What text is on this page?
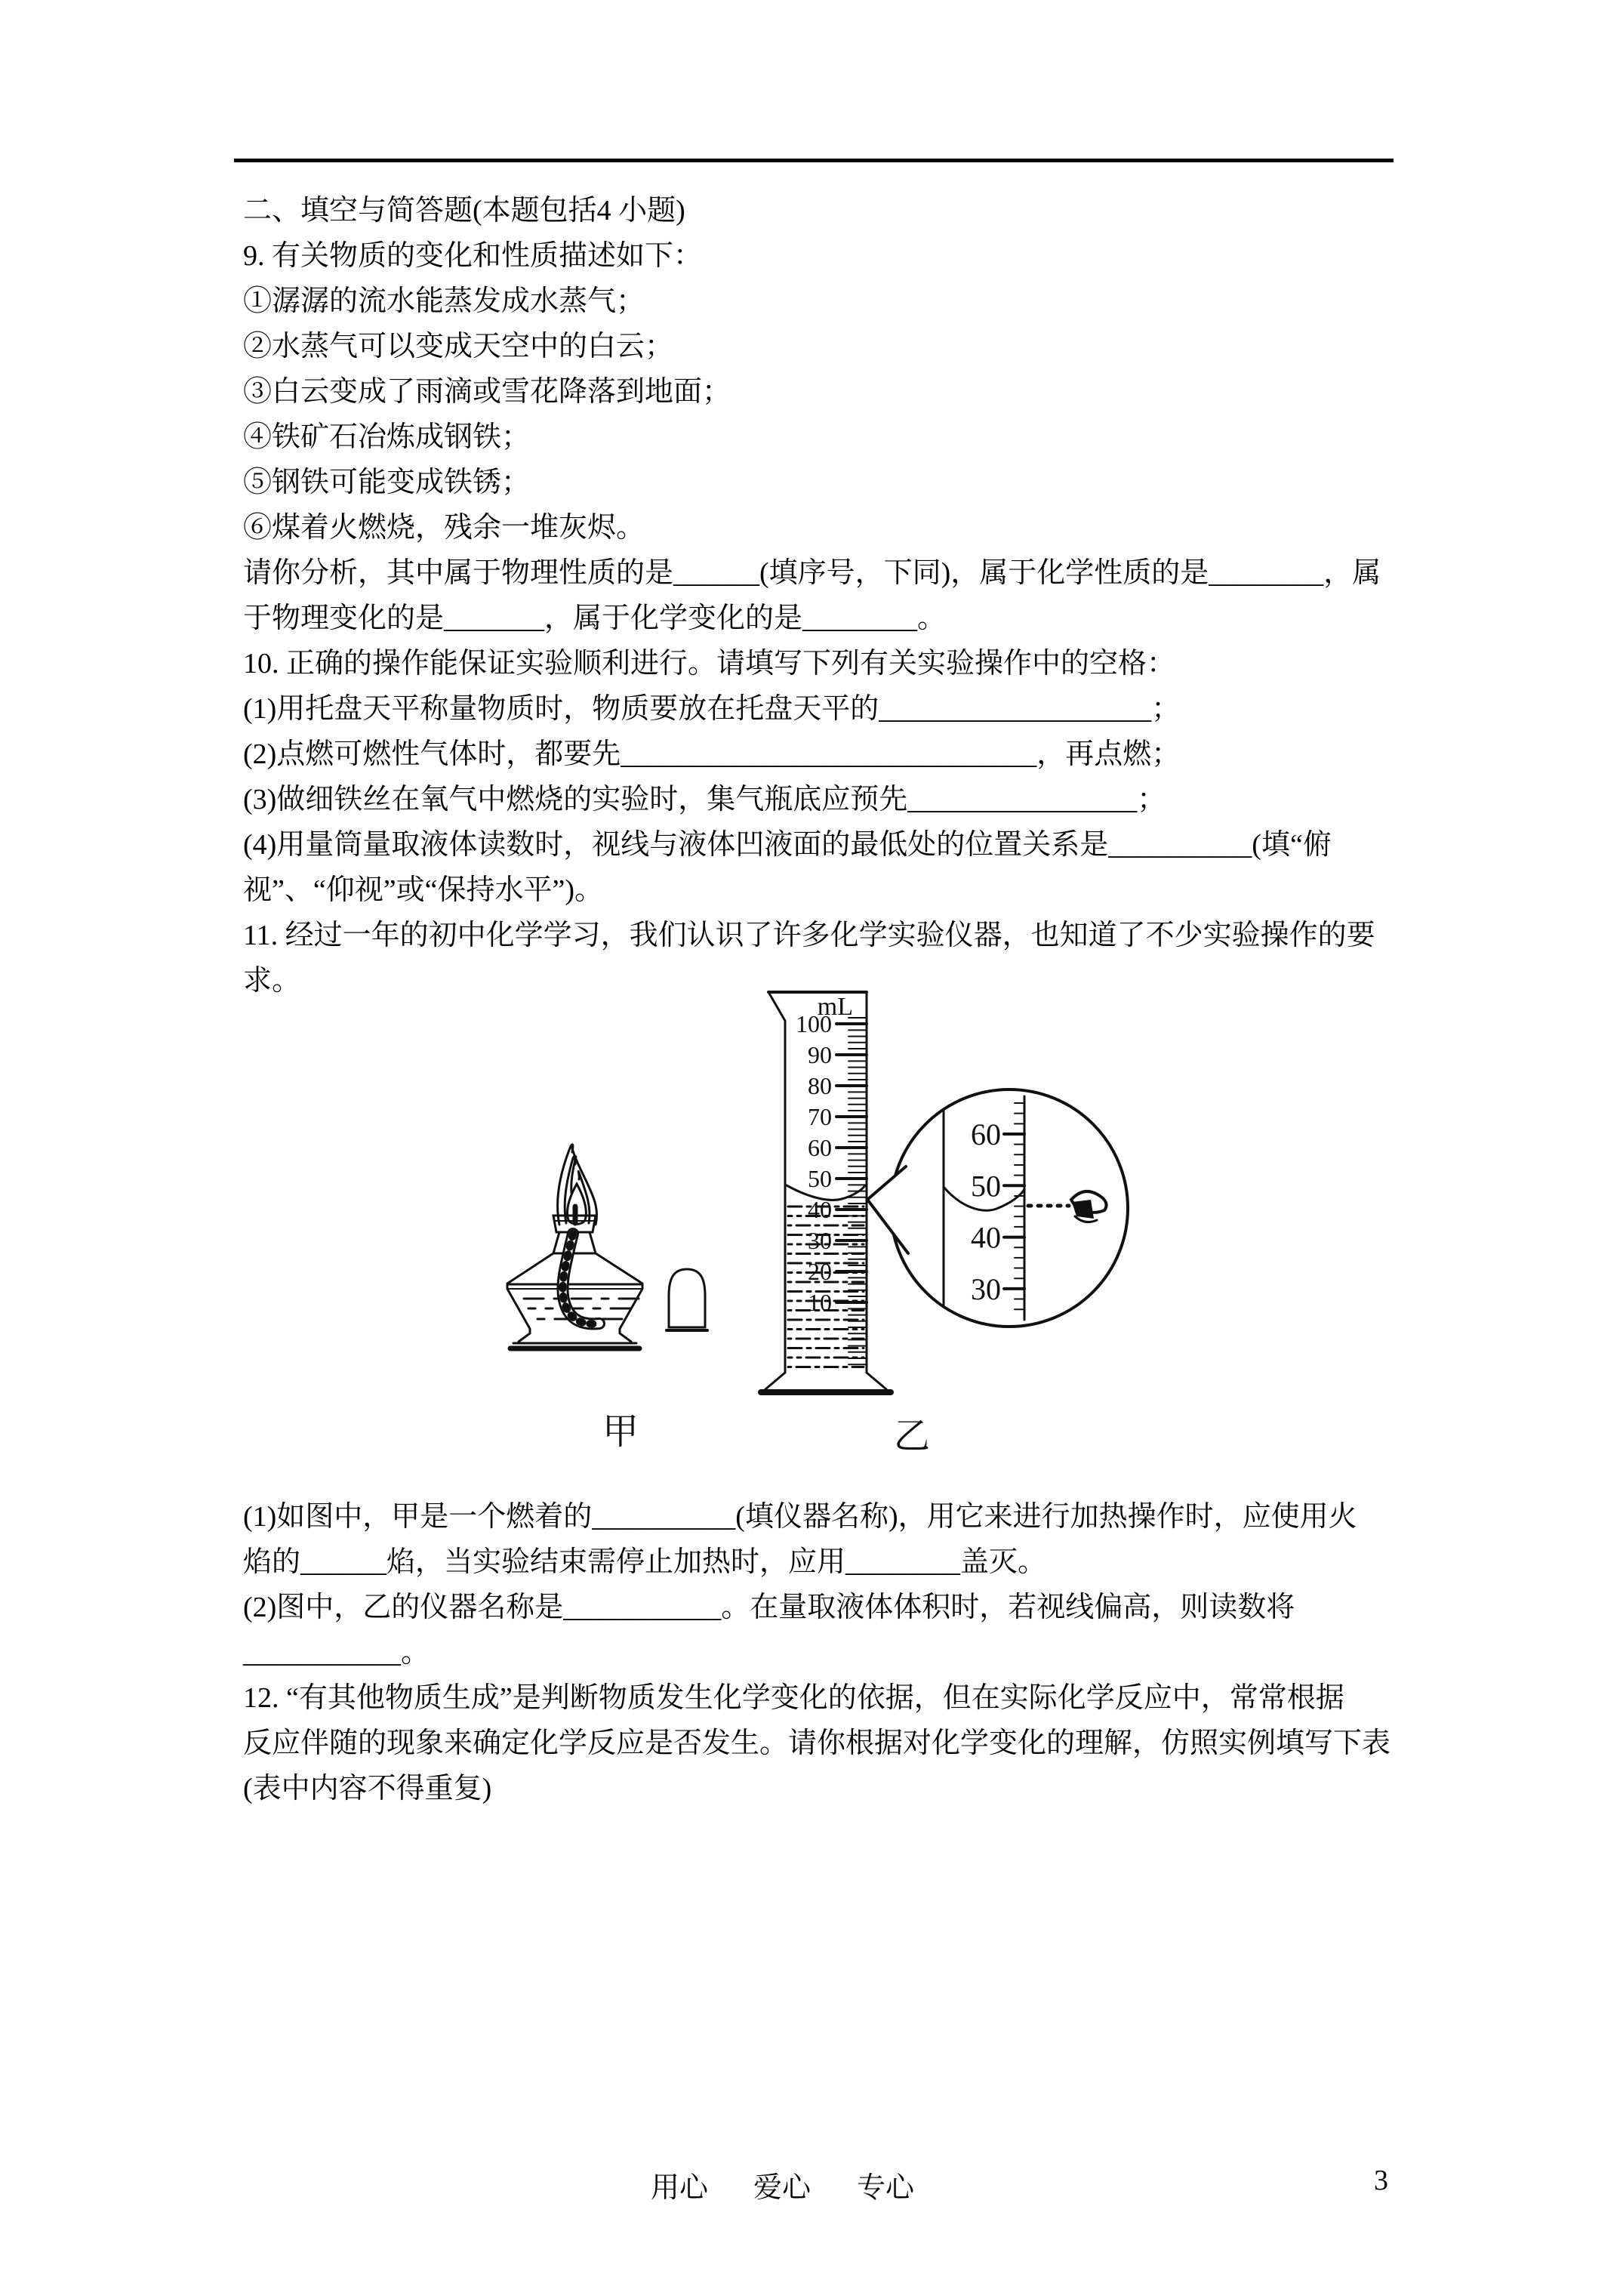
二、填空与简答题(本题包括4 小题)
9. 有关物质的变化和性质描述如下：
①潺潺的流水能蒸发成水蒸气；
②水蒸气可以变成天空中的白云；
③白云变成了雨滴或雪花降落到地面；
④铁矿石冶炼成钢铁；
⑤钢铁可能变成铁锈；
⑥煤着火燃烧，残余一堆灰烬。
请你分析，其中属于物理性质的是______(填序号，下同)，属于化学性质的是________，属
于物理变化的是_______，属于化学变化的是________。
10. 正确的操作能保证实验顺利进行。请填写下列有关实验操作中的空格：
(1)用托盘天平称量物质时，物质要放在托盘天平的___________________；
(2)点燃可燃性气体时，都要先_____________________________，再点燃；
(3)做细铁丝在氧气中燃烧的实验时，集气瓶底应预先________________；
(4)用量筒量取液体读数时，视线与液体凹液面的最低处的位置关系是__________(填“俯
视”、“仰视”或“保持水平”)。
11. 经过一年的初中化学学习，我们认识了许多化学实验仪器，也知道了不少实验操作的要
求。
(1)如图中，甲是一个燃着的__________(填仪器名称)，用它来进行加热操作时，应使用火
焰的______焰，当实验结束需停止加热时，应用________盖灭。
(2)图中，乙的仪器名称是___________。在量取液体体积时，若视线偏高，则读数将
___________。
12. “有其他物质生成”是判断物质发生化学变化的依据，但在实际化学反应中，常常根据
反应伴随的现象来确定化学反应是否发生。请你根据对化学变化的理解，仿照实例填写下表
(表中内容不得重复)
100
90
80
70
60
50
40
30
20
10
mL
60
50
40
30
甲	乙
用心 爱心 专心	3
